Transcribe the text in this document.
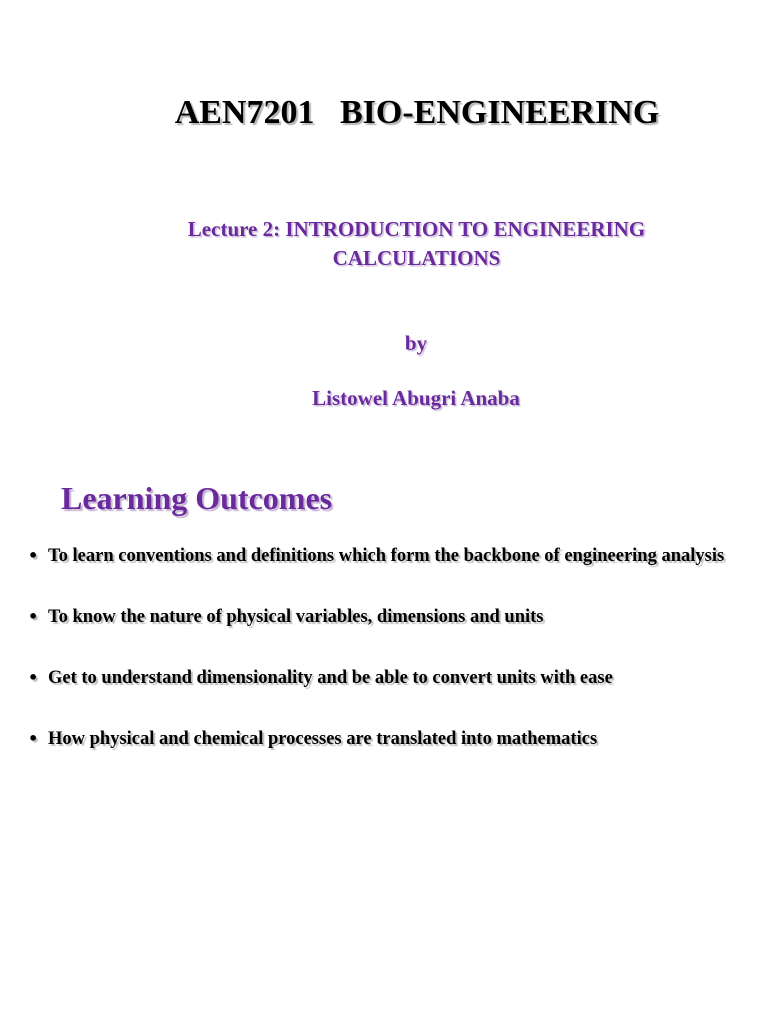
AEN7201   BIO-ENGINEERING
Lecture 2: INTRODUCTION TO ENGINEERING CALCULATIONS
by
Listowel Abugri Anaba
Learning Outcomes
• To learn conventions and definitions which form the backbone of engineering analysis
• To know the nature of physical variables, dimensions and units
• Get to understand dimensionality and be able to convert units with ease
• How physical and chemical processes are translated into mathematics
